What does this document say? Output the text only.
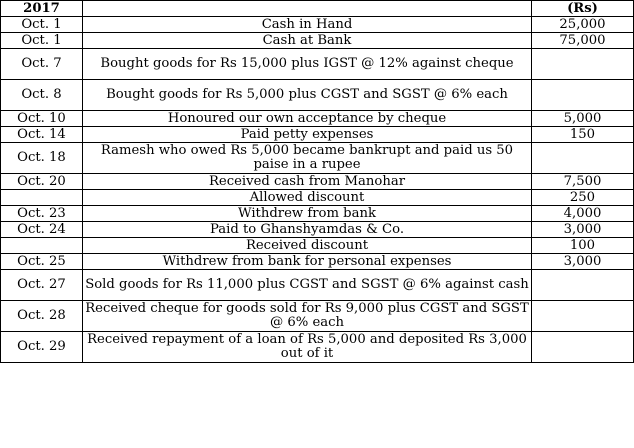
2017		(Rs)
Oct. 1	Cash in Hand	25,000
Oct. 1	Cash at Bank	75,000
Oct. 7	Bought goods for Rs 15,000 plus IGST @ 12% against cheque	
Oct. 8	Bought goods for Rs 5,000 plus CGST and SGST @ 6% each	
Oct. 10	Honoured our own acceptance by cheque	5,000
Oct. 14	Paid petty expenses	150
Oct. 18	Ramesh who owed Rs 5,000 became bankrupt and paid us 50 paise in a rupee	
Oct. 20	Received cash from Manohar	7,500
	Allowed discount	250
Oct. 23	Withdrew from bank	4,000
Oct. 24	Paid to Ghanshyamdas & Co.	3,000
	Received discount	100
Oct. 25	Withdrew from bank for personal expenses	3,000
Oct. 27	Sold goods for Rs 11,000 plus CGST and SGST @ 6% against cash	
Oct. 28	Received cheque for goods sold for Rs 9,000 plus CGST and SGST @ 6% each	
Oct. 29	Received repayment of a loan of Rs 5,000 and deposited Rs 3,000 out of it	
